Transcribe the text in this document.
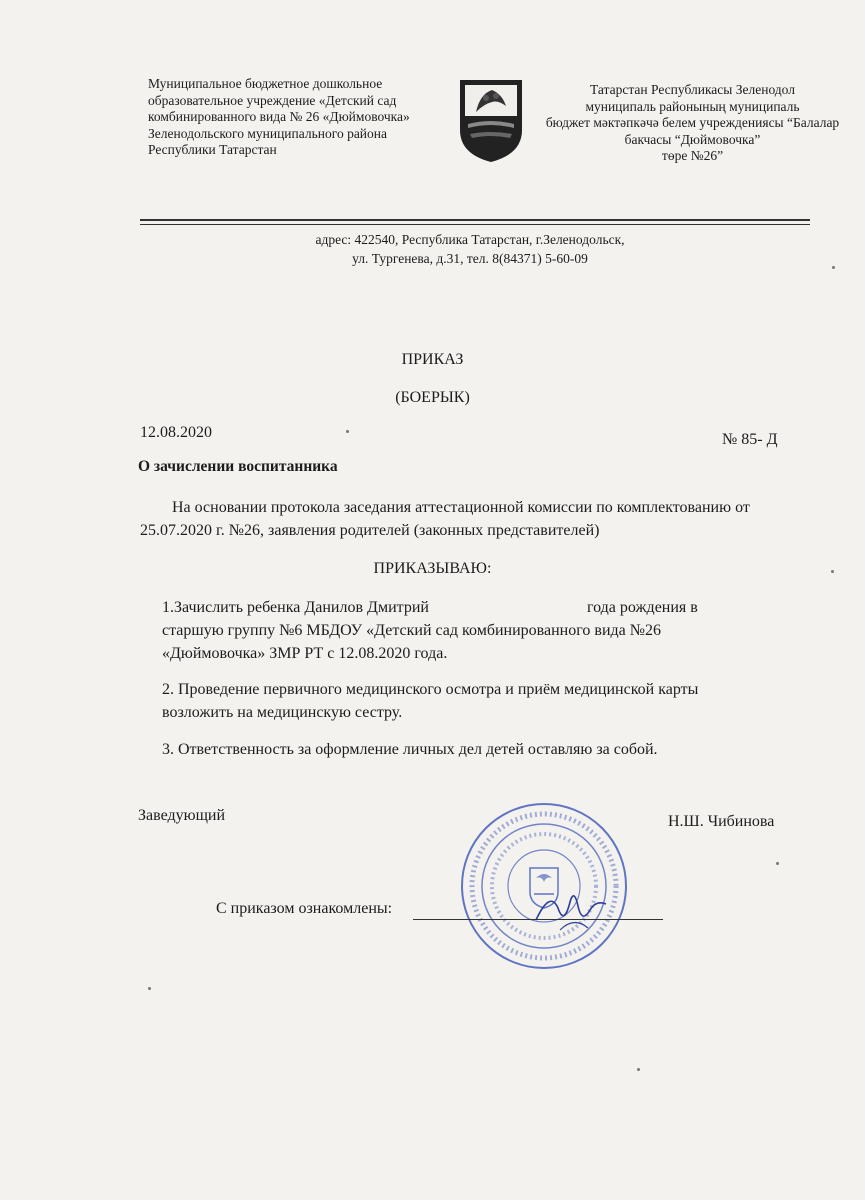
Муниципальное бюджетное дошкольное
образовательное учреждение «Детский сад
комбинированного вида № 26 «Дюймовочка»
Зеленодольского муниципального района
Республики Татарстан
Татарстан Республикасы Зеленодол
муниципаль районының муниципаль
бюджет мәктәпкәчә белем учреждениясы “Балалар
бакчасы “Дюймовочка”
төре №26”
адрес: 422540, Республика Татарстан, г.Зеленодольск,
ул. Тургенева, д.31, тел. 8(84371) 5-60-09
ПРИКАЗ
(БОЕРЫК)
12.08.2020	№ 85- Д
О зачислении воспитанника
На основании протокола заседания аттестационной комиссии по комплектованию от
25.07.2020 г. №26, заявления родителей (законных представителей)
ПРИКАЗЫВАЮ:
1.Зачислить ребенка Данилов Дмитрий	года рождения в
старшую группу №6 МБДОУ «Детский сад комбинированного вида №26
«Дюймовочка» ЗМР РТ с 12.08.2020 года.
2. Проведение первичного медицинского осмотра и приём медицинской карты
возложить на медицинскую сестру.
3. Ответственность за оформление личных дел детей оставляю за собой.
Заведующий	Н.Ш. Чибинова
С приказом ознакомлены:
